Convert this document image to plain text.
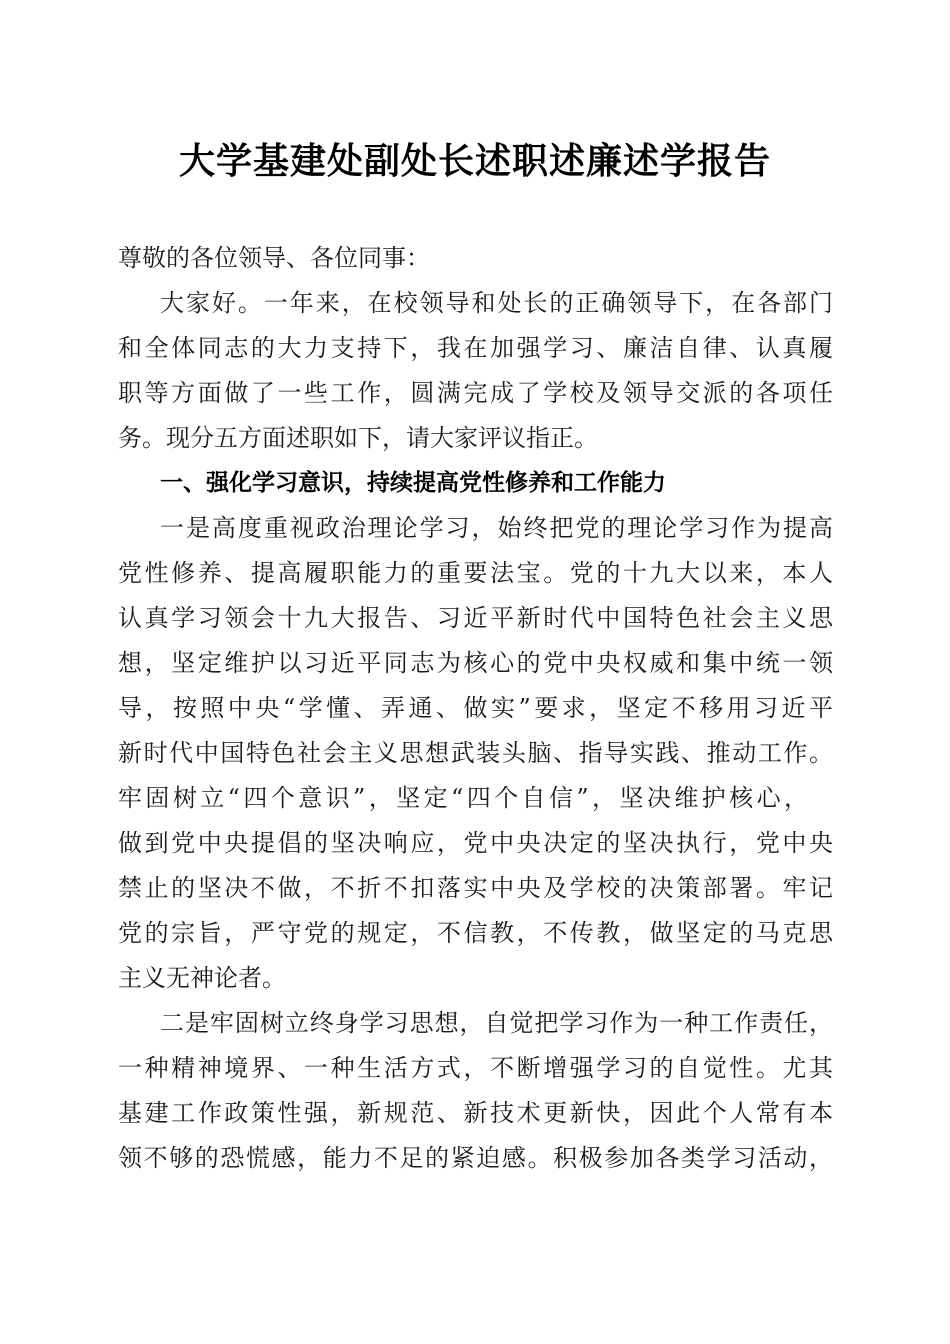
大学基建处副处长述职述廉述学报告
尊敬的各位领导、各位同事：
大家好。一年来，在校领导和处长的正确领导下，在各部门
和全体同志的大力支持下，我在加强学习、廉洁自律、认真履
职等方面做了一些工作，圆满完成了学校及领导交派的各项任
务。现分五方面述职如下，请大家评议指正。
一、强化学习意识，持续提高党性修养和工作能力
一是高度重视政治理论学习，始终把党的理论学习作为提高
党性修养、提高履职能力的重要法宝。党的十九大以来，本人
认真学习领会十九大报告、习近平新时代中国特色社会主义思
想，坚定维护以习近平同志为核心的党中央权威和集中统一领
导，按照中央“学懂、弄通、做实”要求，坚定不移用习近平
新时代中国特色社会主义思想武装头脑、指导实践、推动工作。
牢固树立“四个意识”，坚定“四个自信”，坚决维护核心，
做到党中央提倡的坚决响应，党中央决定的坚决执行，党中央
禁止的坚决不做，不折不扣落实中央及学校的决策部署。牢记
党的宗旨，严守党的规定，不信教，不传教，做坚定的马克思
主义无神论者。
二是牢固树立终身学习思想，自觉把学习作为一种工作责任，
一种精神境界、一种生活方式，不断增强学习的自觉性。尤其
基建工作政策性强，新规范、新技术更新快，因此个人常有本
领不够的恐慌感，能力不足的紧迫感。积极参加各类学习活动，
